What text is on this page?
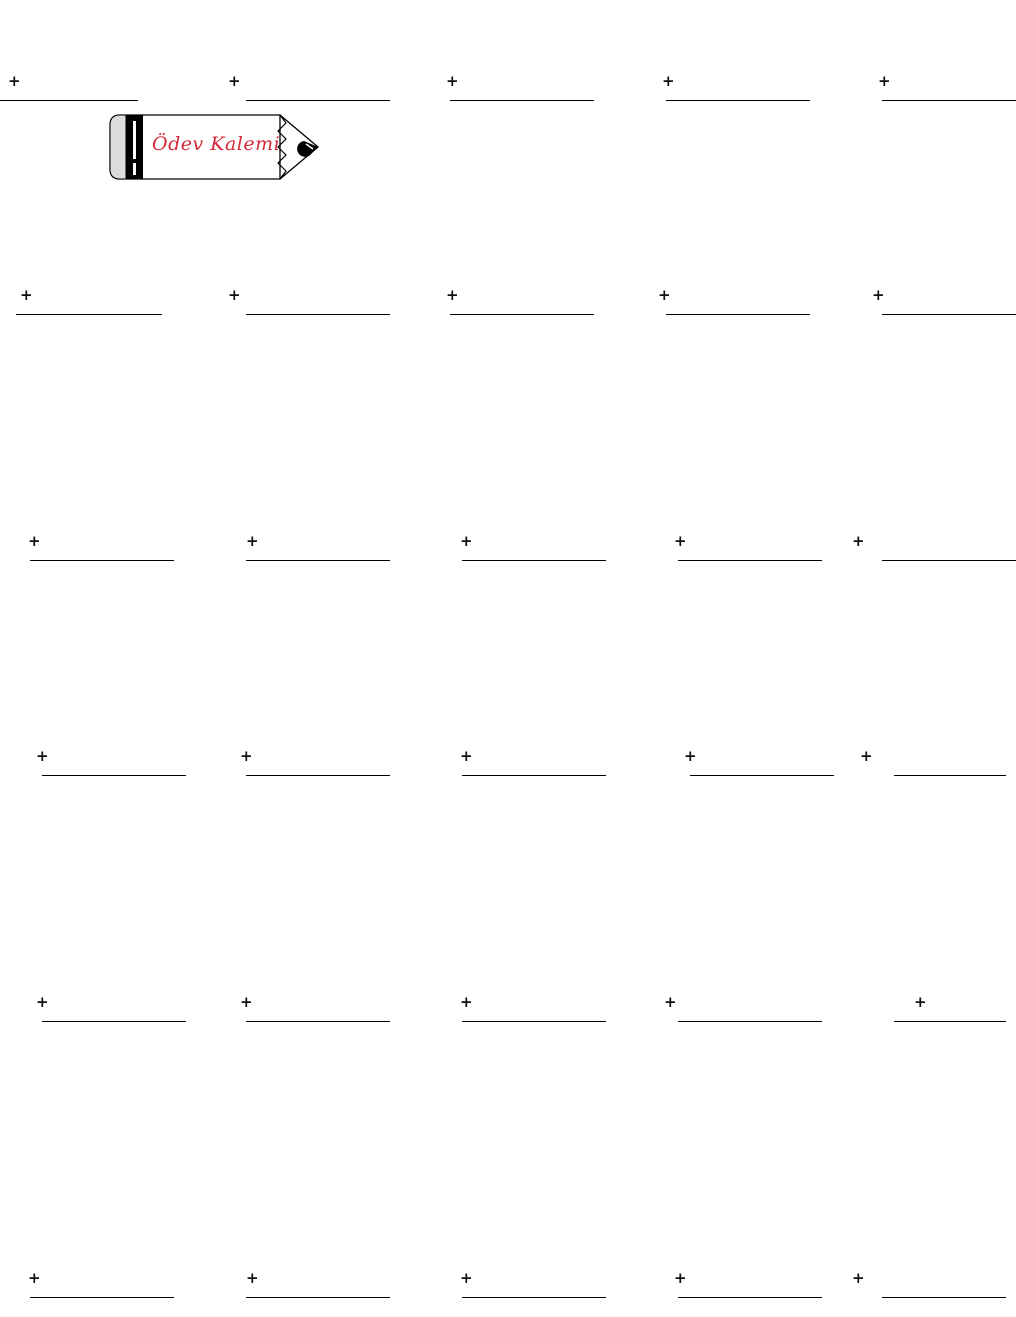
Ödev Kalemi
+	+	+	+	+
+	+	+	+	+
+	+	+	+	+
+	+	+	+	+
+	+	+	+	+
+	+	+	+	+
